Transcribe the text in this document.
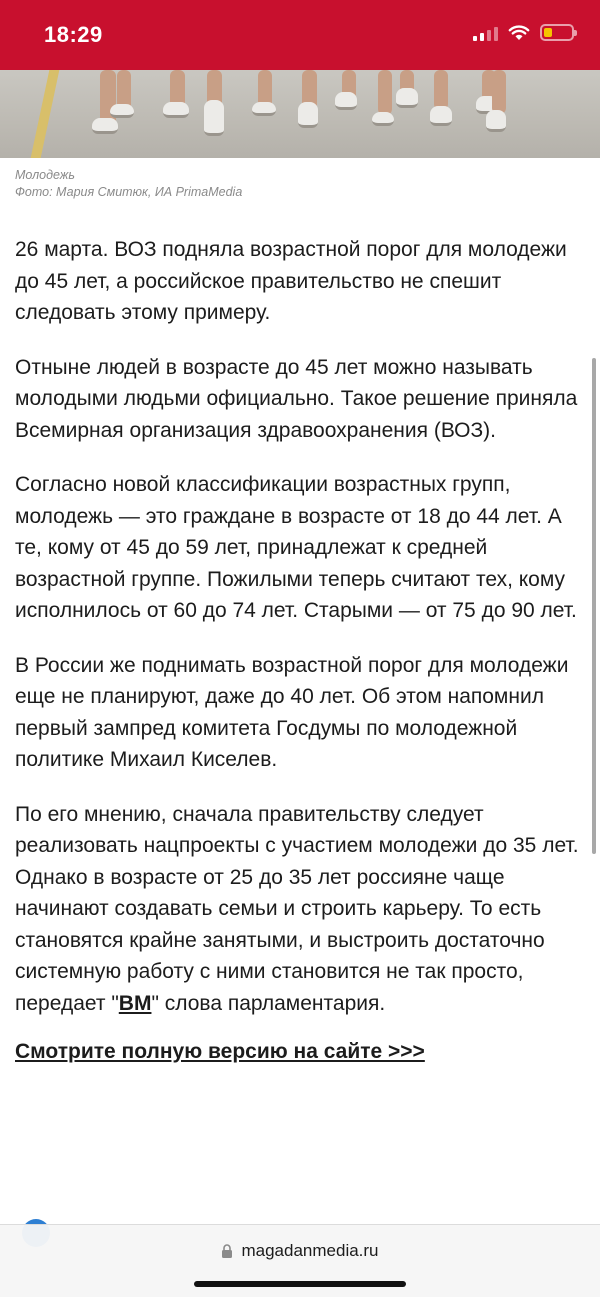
18:29
Молодежь
Фото: Мария Смитюк, ИА PrimaMedia

26 марта. ВОЗ подняла возрастной порог для молодежи до 45 лет, а российское правительство не спешит следовать этому примеру.

Отныне людей в возрасте до 45 лет можно называть молодыми людьми официально. Такое решение приняла Всемирная организация здравоохранения (ВОЗ).

Согласно новой классификации возрастных групп, молодежь — это граждане в возрасте от 18 до 44 лет. А те, кому от 45 до 59 лет, принадлежат к средней возрастной группе. Пожилыми теперь считают тех, кому исполнилось от 60 до 74 лет. Старыми — от 75 до 90 лет.

В России же поднимать возрастной порог для молодежи еще не планируют, даже до 40 лет. Об этом напомнил первый зампред комитета Госдумы по молодежной политике Михаил Киселев.

По его мнению, сначала правительству следует реализовать нацпроекты с участием молодежи до 35 лет. Однако в возрасте от 25 до 35 лет россияне чаще начинают создавать семьи и строить карьеру. То есть становятся крайне занятыми, и выстроить достаточно системную работу с ними становится не так просто, передает "ВМ" слова парламентария.

Смотрите полную версию на сайте >>>
magadanmedia.ru
